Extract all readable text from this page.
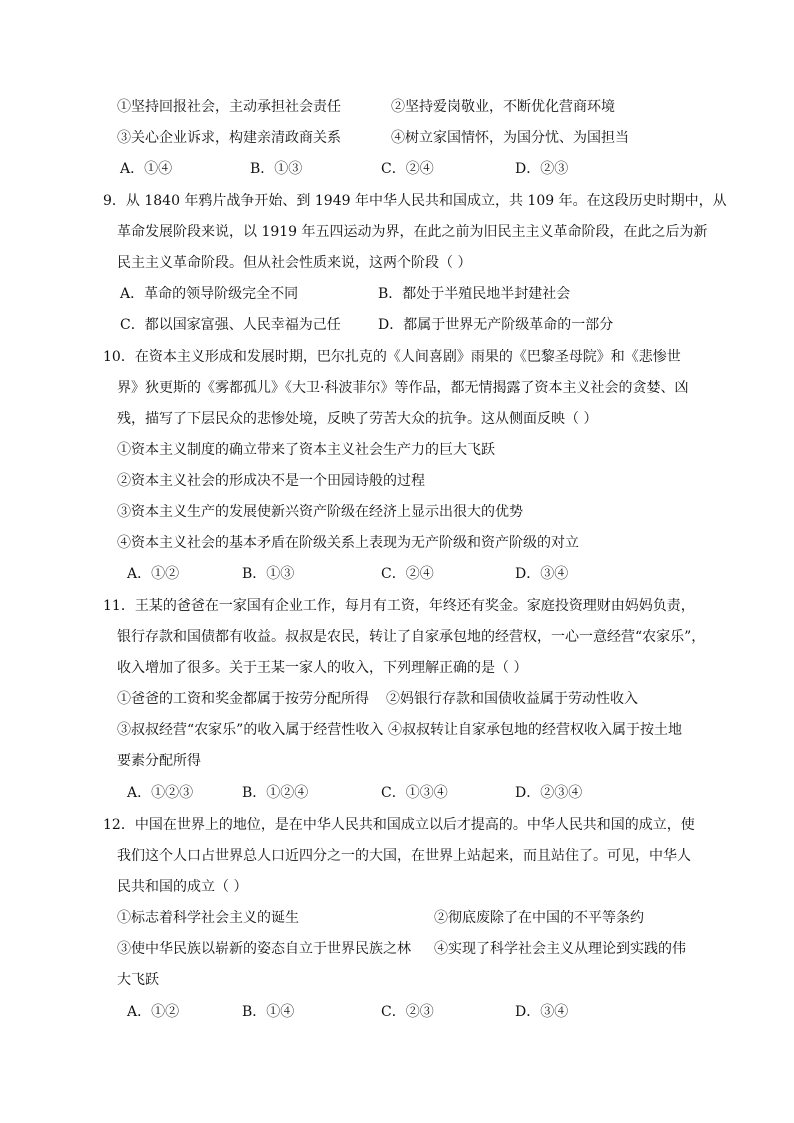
①坚持回报社会，主动承担社会责任	②坚持爱岗敬业，不断优化营商环境
③关心企业诉求，构建亲清政商关系	④树立家国情怀，为国分忧、为国担当
A．①④	B．①③	C．②④	D．②③
9．从 1840 年鸦片战争开始、到 1949 年中华人民共和国成立，共 109 年。在这段历史时期中，从
革命发展阶段来说，以 1919 年五四运动为界，在此之前为旧民主主义革命阶段，在此之后为新
民主主义革命阶段。但从社会性质来说，这两个阶段（ ）
A．革命的领导阶级完全不同	B．都处于半殖民地半封建社会
C．都以国家富强、人民幸福为己任	D．都属于世界无产阶级革命的一部分
10．在资本主义形成和发展时期，巴尔扎克的《人间喜剧》雨果的《巴黎圣母院》和《悲惨世
界》狄更斯的《雾都孤儿》《大卫·科波菲尔》等作品，都无情揭露了资本主义社会的贪婪、凶
残，描写了下层民众的悲惨处境，反映了劳苦大众的抗争。这从侧面反映（ ）
①资本主义制度的确立带来了资本主义社会生产力的巨大飞跃
②资本主义社会的形成决不是一个田园诗般的过程
③资本主义生产的发展使新兴资产阶级在经济上显示出很大的优势
④资本主义社会的基本矛盾在阶级关系上表现为无产阶级和资产阶级的对立
A．①②	B．①③	C．②④	D．③④
11．王某的爸爸在一家国有企业工作，每月有工资，年终还有奖金。家庭投资理财由妈妈负责，
银行存款和国债都有收益。叔叔是农民，转让了自家承包地的经营权，一心一意经营“农家乐”，
收入增加了很多。关于王某一家人的收入，下列理解正确的是（ ）
①爸爸的工资和奖金都属于按劳分配所得 ②妈银行存款和国债收益属于劳动性收入
③叔叔经营“农家乐”的收入属于经营性收入 ④叔叔转让自家承包地的经营权收入属于按土地
要素分配所得
A．①②③	B．①②④	C．①③④	D．②③④
12．中国在世界上的地位，是在中华人民共和国成立以后才提高的。中华人民共和国的成立，使
我们这个人口占世界总人口近四分之一的大国，在世界上站起来，而且站住了。可见，中华人
民共和国的成立（ ）
①标志着科学社会主义的诞生	②彻底废除了在中国的不平等条约
③使中华民族以崭新的姿态自立于世界民族之林 ④实现了科学社会主义从理论到实践的伟
大飞跃
A．①②	B．①④	C．②③	D．③④
